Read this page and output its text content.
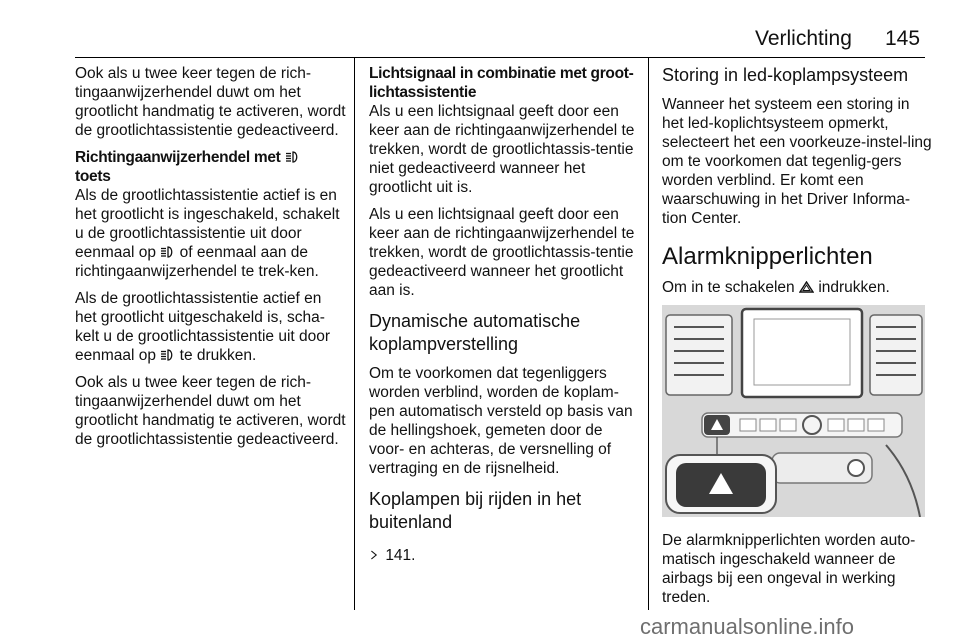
Verlichting 145

Ook als u twee keer tegen de rich-tingaanwijzerhendel duwt om het grootlicht handmatig te activeren, wordt de grootlichtassistentie gedeactiveerd.

Richtingaanwijzerhendel met
toets

Als de grootlichtassistentie actief is en het grootlicht is ingeschakeld, schakelt u de grootlichtassistentie uit door eenmaal op of eenmaal aan de richtingaanwijzerhendel te trek-ken.

Als de grootlichtassistentie actief en het grootlicht uitgeschakeld is, scha-kelt u de grootlichtassistentie uit door eenmaal op te drukken.

Ook als u twee keer tegen de rich-tingaanwijzerhendel duwt om het grootlicht handmatig te activeren, wordt de grootlichtassistentie gedeactiveerd.

Lichtsignaal in combinatie met groot-lichtassistentie

Als u een lichtsignaal geeft door een keer aan de richtingaanwijzerhendel te trekken, wordt de grootlichtassis-tentie niet gedeactiveerd wanneer het grootlicht uit is.

Als u een lichtsignaal geeft door een keer aan de richtingaanwijzerhendel te trekken, wordt de grootlichtassis-tentie gedeactiveerd wanneer het grootlicht aan is.

Dynamische automatische koplampverstelling

Om te voorkomen dat tegenliggers worden verblind, worden de koplam-pen automatisch versteld op basis van de hellingshoek, gemeten door de voor- en achteras, de versnelling of vertraging en de rijsnelheid.

Koplampen bij rijden in het buitenland

141.

Storing in led-koplampsysteem

Wanneer het systeem een storing in het led-koplichtsysteem opmerkt, selecteert het een voorkeuze-instel-ling om te voorkomen dat tegenlig-gers worden verblind. Er komt een waarschuwing in het Driver Informa-tion Center.

Alarmknipperlichten

Om in te schakelen indrukken.

De alarmknipperlichten worden auto-matisch ingeschakeld wanneer de airbags bij een ongeval in werking treden.

carmanualsonline.info
